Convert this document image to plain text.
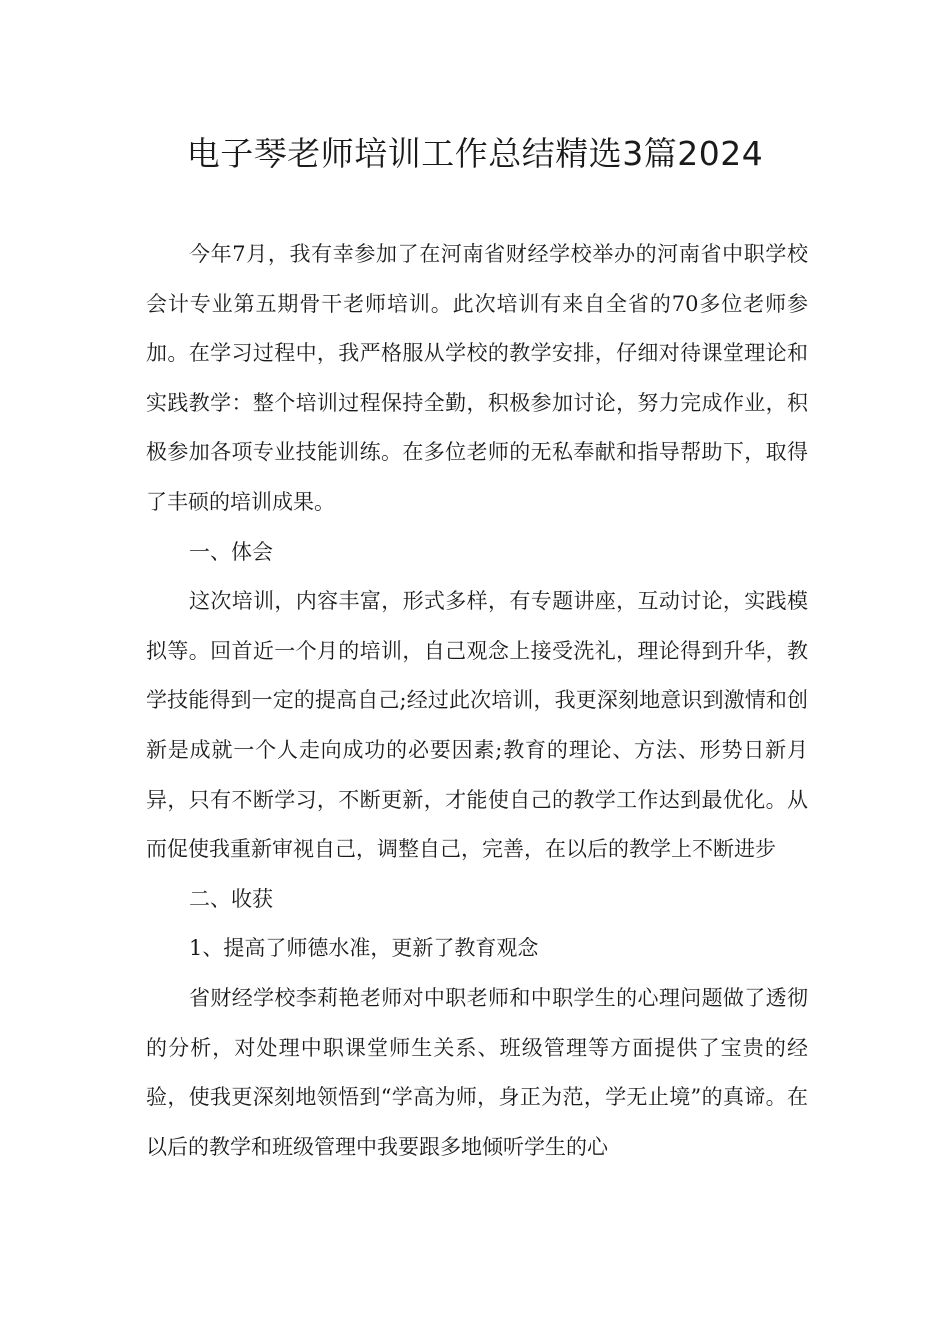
电子琴老师培训工作总结精选3篇2024

今年7月，我有幸参加了在河南省财经学校举办的河南省中职学校会计专业第五期骨干老师培训。此次培训有来自全省的70多位老师参加。在学习过程中，我严格服从学校的教学安排，仔细对待课堂理论和实践教学：整个培训过程保持全勤，积极参加讨论，努力完成作业，积极参加各项专业技能训练。在多位老师的无私奉献和指导帮助下，取得了丰硕的培训成果。

一、体会

这次培训，内容丰富，形式多样，有专题讲座，互动讨论，实践模拟等。回首近一个月的培训，自己观念上接受洗礼，理论得到升华，教学技能得到一定的提高自己;经过此次培训，我更深刻地意识到激情和创新是成就一个人走向成功的必要因素;教育的理论、方法、形势日新月异，只有不断学习，不断更新，才能使自己的教学工作达到最优化。从而促使我重新审视自己，调整自己，完善，在以后的教学上不断进步

二、收获

1、提高了师德水准，更新了教育观念

省财经学校李莉艳老师对中职老师和中职学生的心理问题做了透彻的分析，对处理中职课堂师生关系、班级管理等方面提供了宝贵的经验，使我更深刻地领悟到“学高为师，身正为范，学无止境”的真谛。在以后的教学和班级管理中我要跟多地倾听学生的心
